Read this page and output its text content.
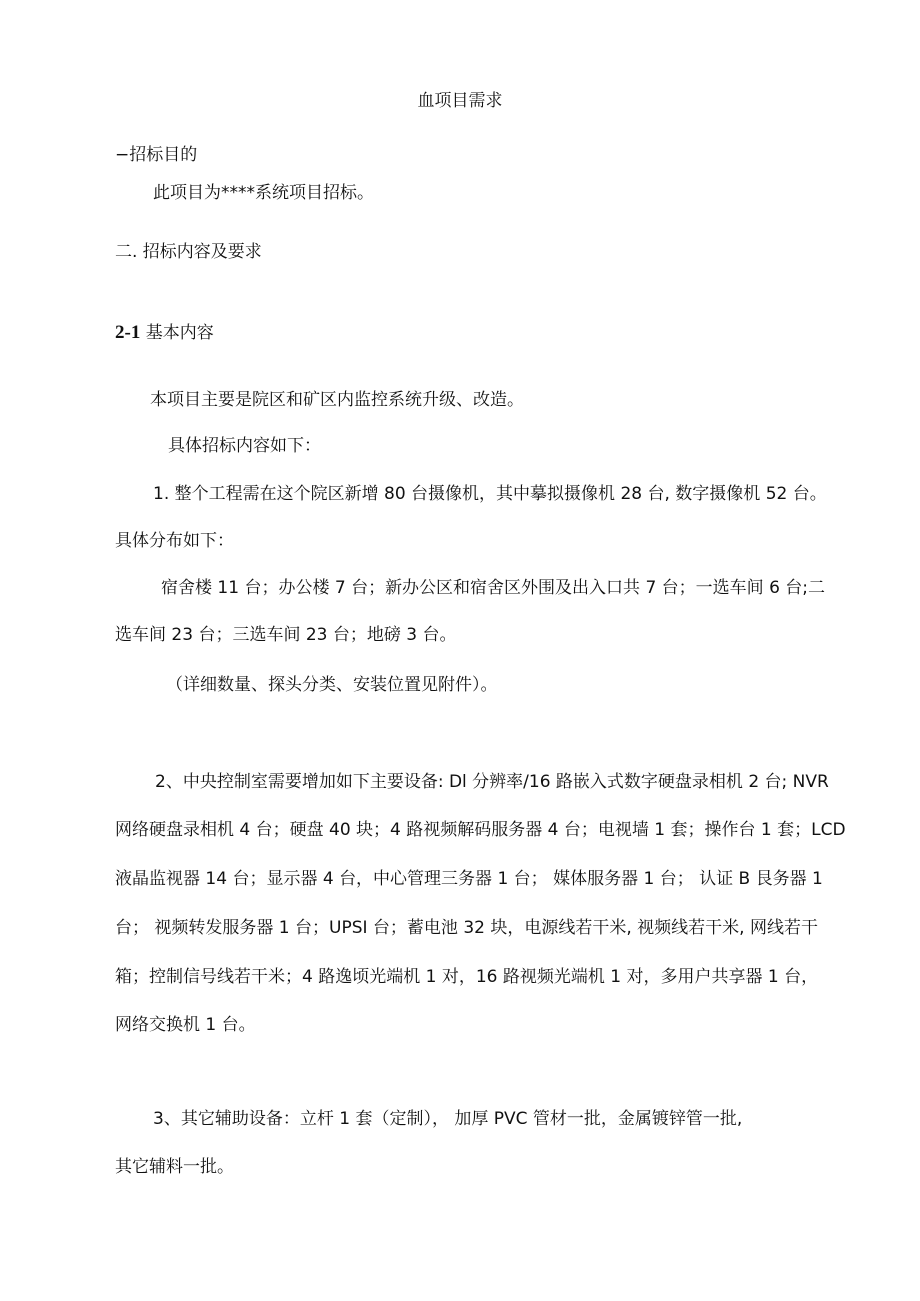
血项目需求

−招标目的

此项目为****系统项目招标。

二. 招标内容及要求

2-1 基本内容

本项目主要是院区和矿区内监控系统升级、改造。

具体招标内容如下：

1. 整个工程需在这个院区新增 80 台摄像机，其中摹拟摄像机 28 台, 数字摄像机 52 台。

具体分布如下：

宿舍楼 11 台；办公楼 7 台；新办公区和宿舍区外围及出入口共 7 台；一选车间 6 台;二

选车间 23 台；三选车间 23 台；地磅 3 台。

（详细数量、探头分类、安装位置见附件）。

2、中央控制室需要增加如下主要设备: Dl 分辨率/16 路嵌入式数字硬盘录相机 2 台; NVR

网络硬盘录相机 4 台；硬盘 40 块；4 路视频解码服务器 4 台；电视墙 1 套；操作台 1 套；LCD

液晶监视器 14 台；显示器 4 台，中心管理三务器 1 台； 媒体服务器 1 台； 认证 B 艮务器 1

台； 视频转发服务器 1 台；UPSI 台；蓄电池 32 块，电源线若干米, 视频线若干米, 网线若干

箱；控制信号线若干米；4 路逸顷光端机 1 对，16 路视频光端机 1 对，多用户共享器 1 台，

网络交换机 1 台。

3、其它辅助设备：立杆 1 套（定制）， 加厚 PVC 管材一批，金属镀锌管一批,

其它辅料一批。
